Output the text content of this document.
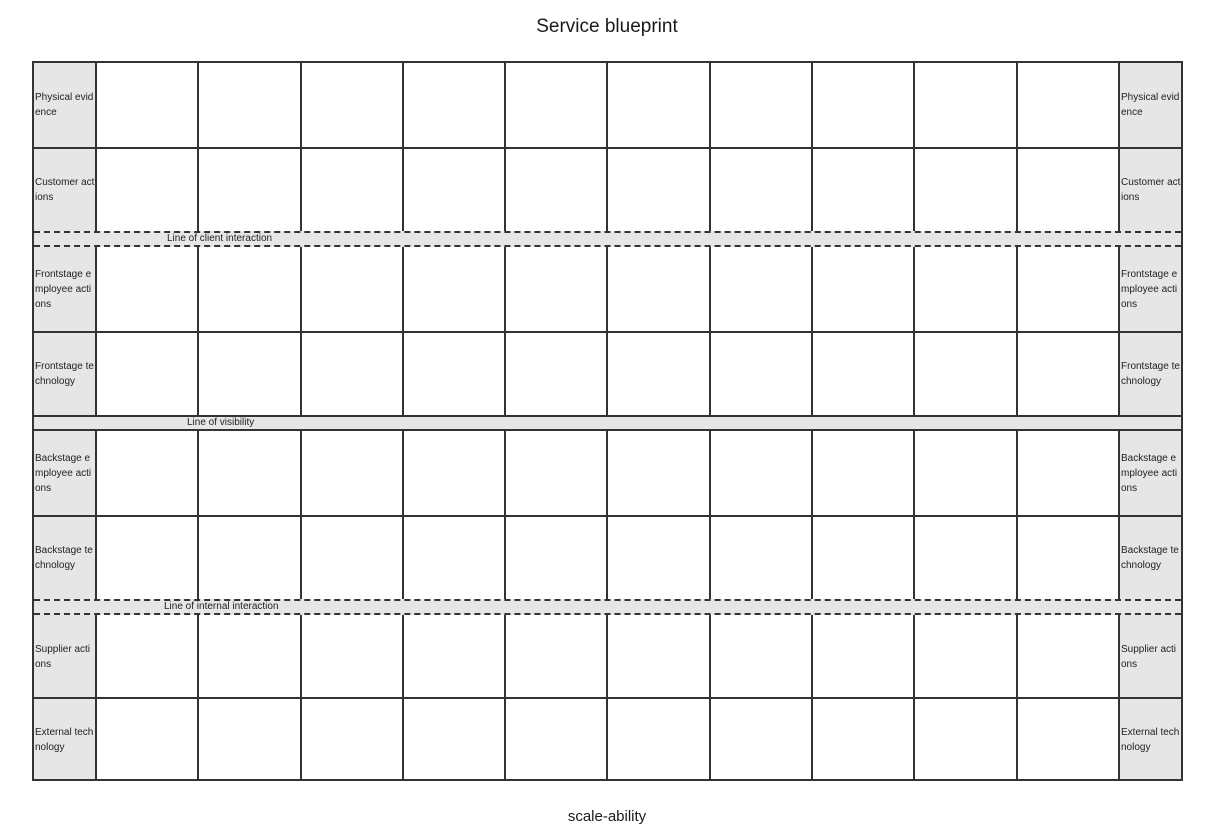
Service blueprint
Physical evidence
Physical evidence
Customer actions
Customer actions
Line of client interaction
Frontstage employee actions
Frontstage employee actions
Frontstage technology
Frontstage technology
Line of visibility
Backstage employee actions
Backstage employee actions
Backstage technology
Backstage technology
Line of internal interaction
Supplier actions
Supplier actions
External technology
External technology
scale-ability
